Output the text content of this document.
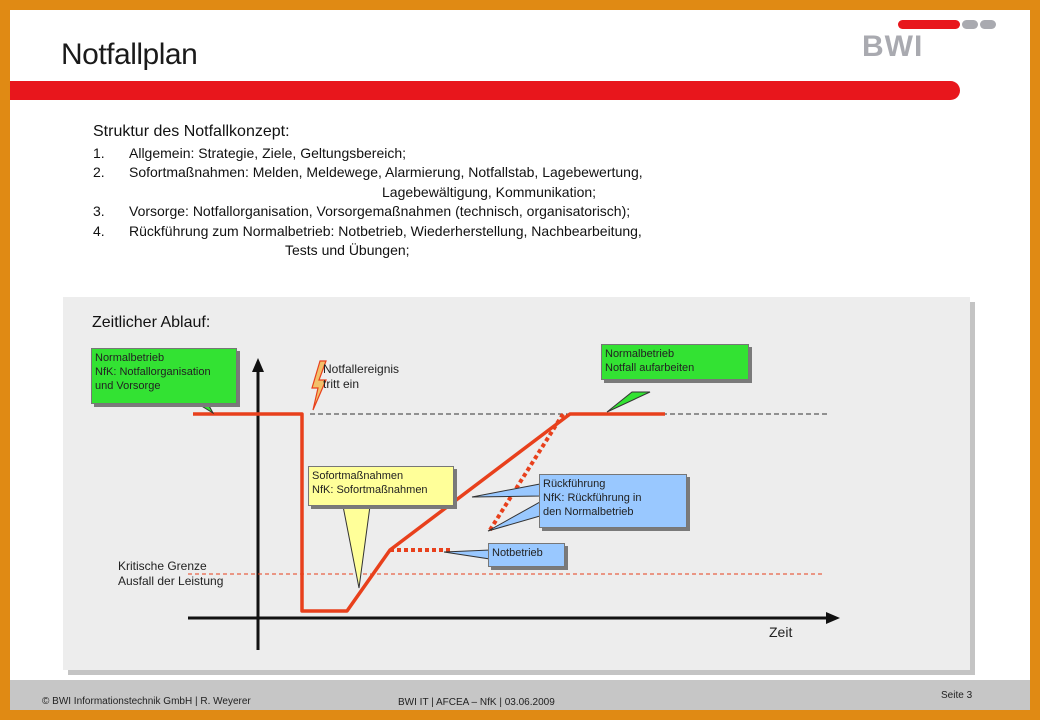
Notfallplan	BWI
Struktur des Notfallkonzept:
1. Allgemein: Strategie, Ziele, Geltungsbereich;
2. Sofortmaßnahmen: Melden, Meldewege, Alarmierung, Notfallstab, Lagebewertung,
Lagebewältigung, Kommunikation;
3. Vorsorge: Notfallorganisation, Vorsorgemaßnahmen (technisch, organisatorisch);
4. Rückführung zum Normalbetrieb: Notbetrieb, Wiederherstellung, Nachbearbeitung,
Tests und Übungen;
Zeitlicher Ablauf:
Notfallereignis
tritt ein
Kritische Grenze
Ausfall der Leistung
Zeit
Normalbetrieb
NfK: Notfallorganisation
und Vorsorge
Normalbetrieb
Notfall aufarbeiten
Sofortmaßnahmen
NfK: Sofortmaßnahmen	Rückführung
NfK: Rückführung in
den Normalbetrieb
Notbetrieb
© BWI Informationstechnik GmbH | R. Weyerer	BWI IT | AFCEA – NfK | 03.06.2009
Seite 3
